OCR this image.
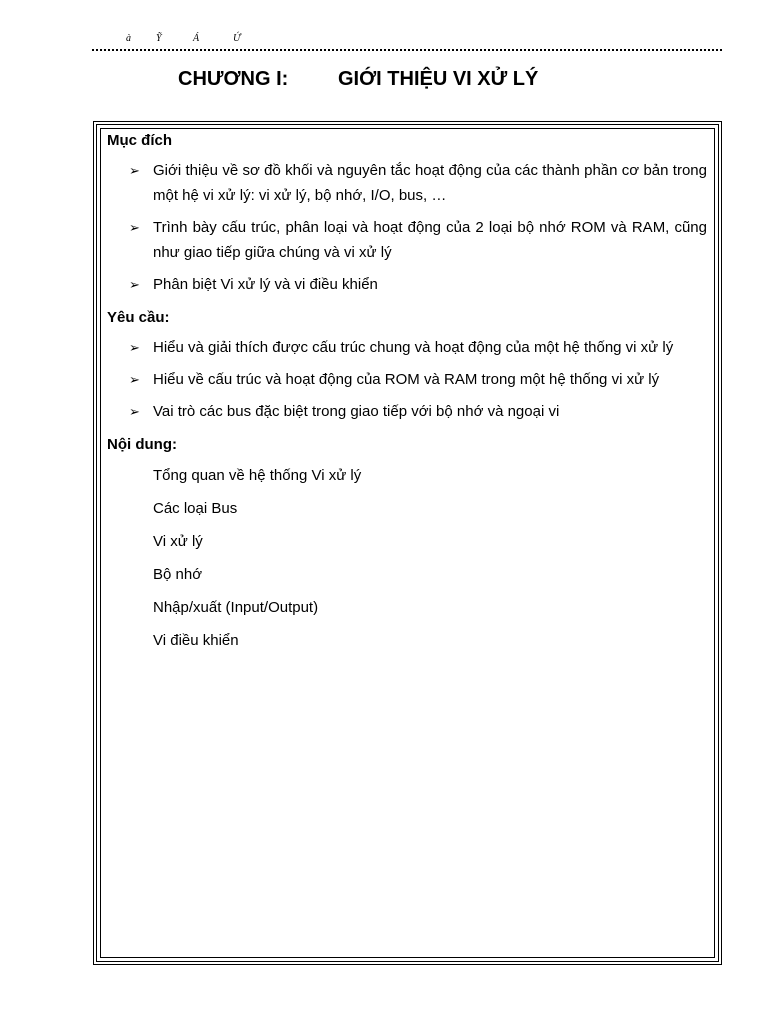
à	Ỹ	Á	Ứ
CHƯƠNG I: GIỚI THIỆU VI XỬ LÝ
Mục đích
➢ Giới thiệu về sơ đồ khối và nguyên tắc hoạt động của các thành phần cơ bản trong một hệ vi xử lý: vi xử lý, bộ nhớ, I/O, bus, …
➢ Trình bày cấu trúc, phân loại và hoạt động của 2 loại bộ nhớ ROM và RAM, cũng như giao tiếp giữa chúng và vi xử lý
➢ Phân biệt Vi xử lý và vi điều khiển
Yêu cầu:
➢ Hiểu và giải thích được cấu trúc chung và hoạt động của một hệ thống vi xử lý
➢ Hiểu về cấu trúc và hoạt động của ROM và RAM trong một hệ thống vi xử lý
➢ Vai trò các bus đặc biệt trong giao tiếp với bộ nhớ và ngoại vi
Nội dung:
Tổng quan về hệ thống Vi xử lý
Các loại Bus
Vi xử lý
Bộ nhớ
Nhập/xuất (Input/Output)
Vi điều khiển
